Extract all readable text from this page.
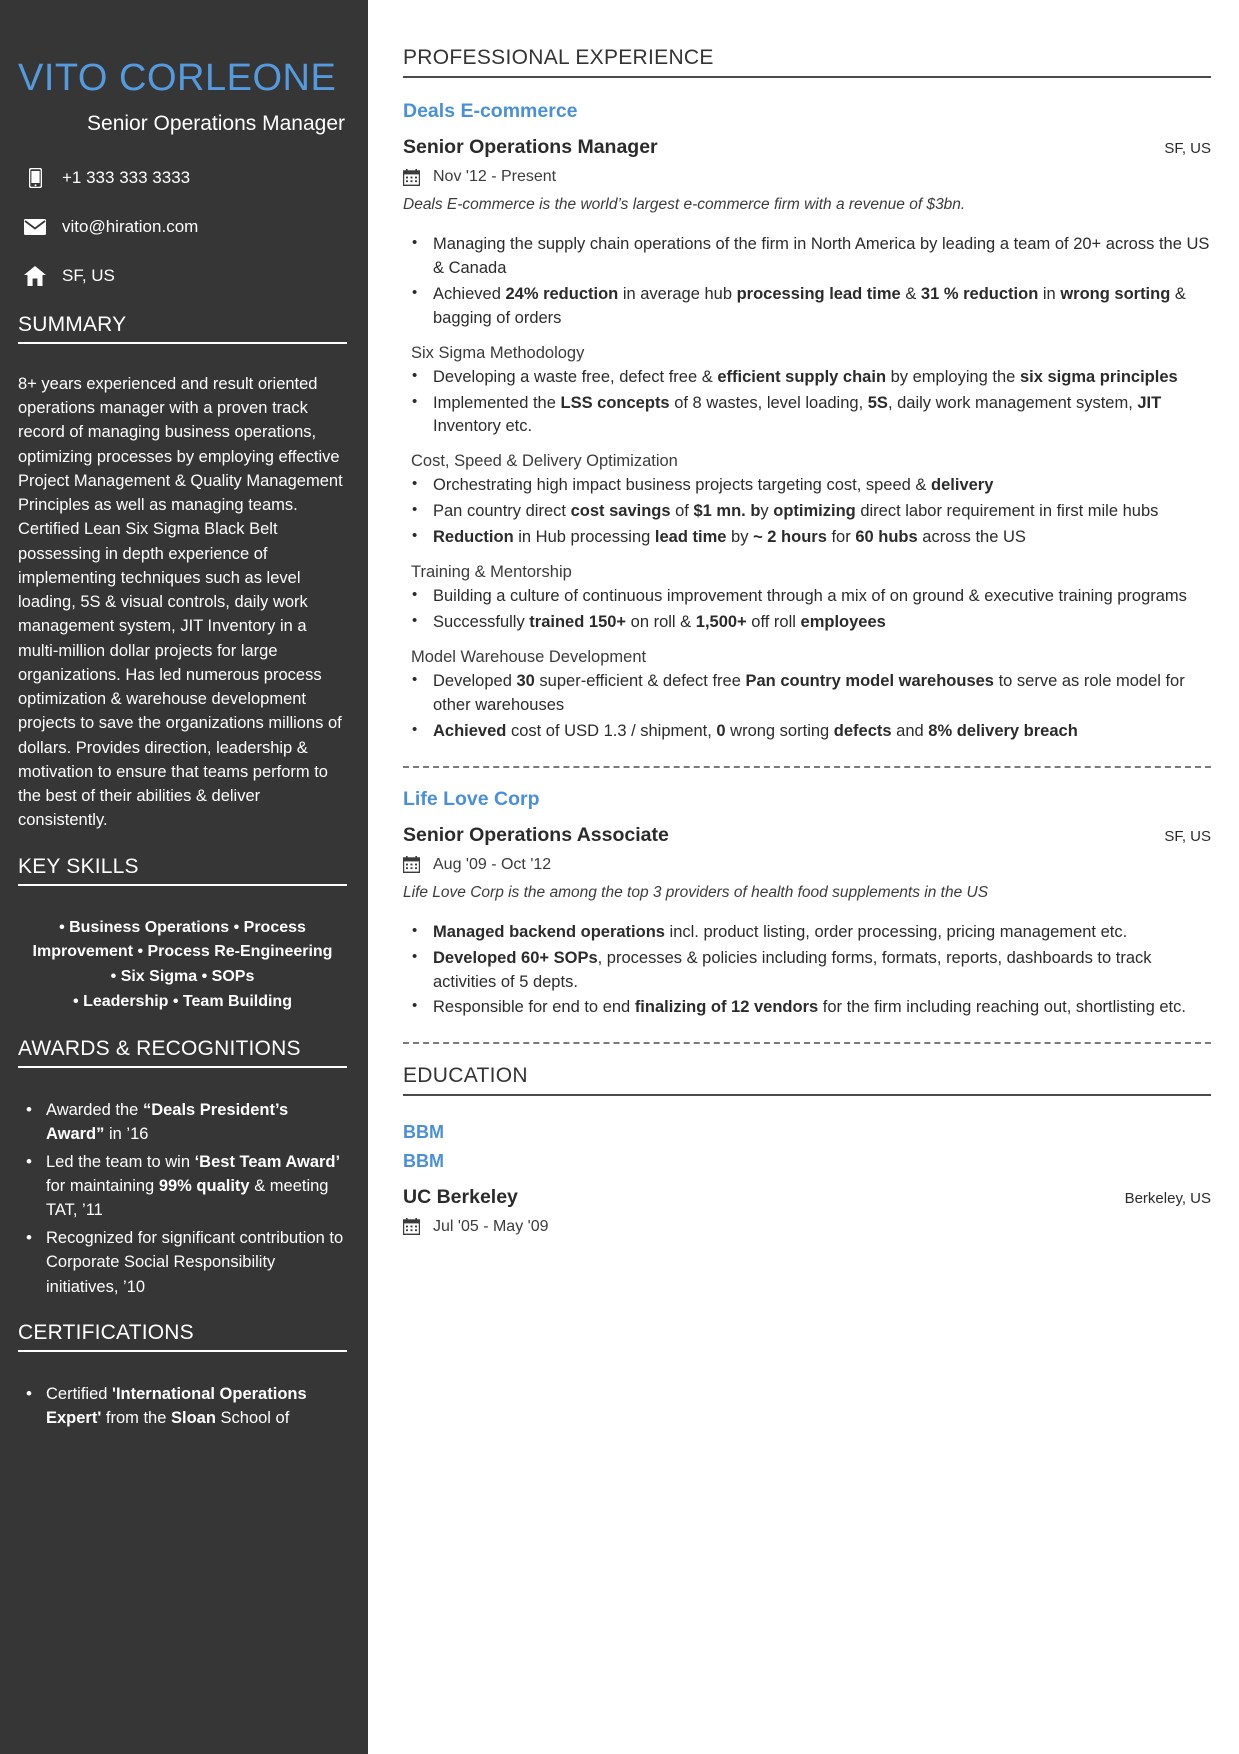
VITO CORLEONE
Senior Operations Manager
+1 333 333 3333
vito@hiration.com
SF, US
SUMMARY

8+ years experienced and result oriented operations manager with a proven track record of managing business operations, optimizing processes by employing effective Project Management & Quality Management Principles as well as managing teams. Certified Lean Six Sigma Black Belt possessing in depth experience of implementing techniques such as level loading, 5S & visual controls, daily work management system, JIT Inventory in a multi-million dollar projects for large organizations. Has led numerous process optimization & warehouse development projects to save the organizations millions of dollars. Provides direction, leadership & motivation to ensure that teams perform to the best of their abilities & deliver consistently.

KEY SKILLS
• Business Operations • Process
Improvement • Process Re-Engineering
• Six Sigma • SOPs
• Leadership • Team Building
AWARDS & RECOGNITIONS
• Awarded the “Deals President’s Award” in ’16
• Led the team to win ‘Best Team Award’ for maintaining 99% quality & meeting TAT, ’11
• Recognized for significant contribution to Corporate Social Responsibility initiatives, ’10
CERTIFICATIONS
• Certified 'International Operations Expert' from the Sloan School of
PROFESSIONAL EXPERIENCE
Deals E-commerce
Senior Operations Manager	SF, US
Nov '12 - Present
Deals E-commerce is the world’s largest e-commerce firm with a revenue of $3bn.
• Managing the supply chain operations of the firm in North America by leading a team of 20+ across the US & Canada
• Achieved 24% reduction in average hub processing lead time & 31 % reduction in wrong sorting & bagging of orders
Six Sigma Methodology
• Developing a waste free, defect free & efficient supply chain by employing the six sigma principles
• Implemented the LSS concepts of 8 wastes, level loading, 5S, daily work management system, JIT Inventory etc.
Cost, Speed & Delivery Optimization
• Orchestrating high impact business projects targeting cost, speed & delivery
• Pan country direct cost savings of $1 mn. by optimizing direct labor requirement in first mile hubs
• Reduction in Hub processing lead time by ~ 2 hours for 60 hubs across the US
Training & Mentorship
• Building a culture of continuous improvement through a mix of on ground & executive training programs
• Successfully trained 150+ on roll & 1,500+ off roll employees
Model Warehouse Development
• Developed 30 super-efficient & defect free Pan country model warehouses to serve as role model for other warehouses
• Achieved cost of USD 1.3 / shipment, 0 wrong sorting defects and 8% delivery breach
Life Love Corp
Senior Operations Associate	SF, US
Aug '09 - Oct '12
Life Love Corp is the among the top 3 providers of health food supplements in the US
• Managed backend operations incl. product listing, order processing, pricing management etc.
• Developed 60+ SOPs, processes & policies including forms, formats, reports, dashboards to track activities of 5 depts.
• Responsible for end to end finalizing of 12 vendors for the firm including reaching out, shortlisting etc.
EDUCATION
BBM
BBM
UC Berkeley	Berkeley, US
Jul '05 - May '09
